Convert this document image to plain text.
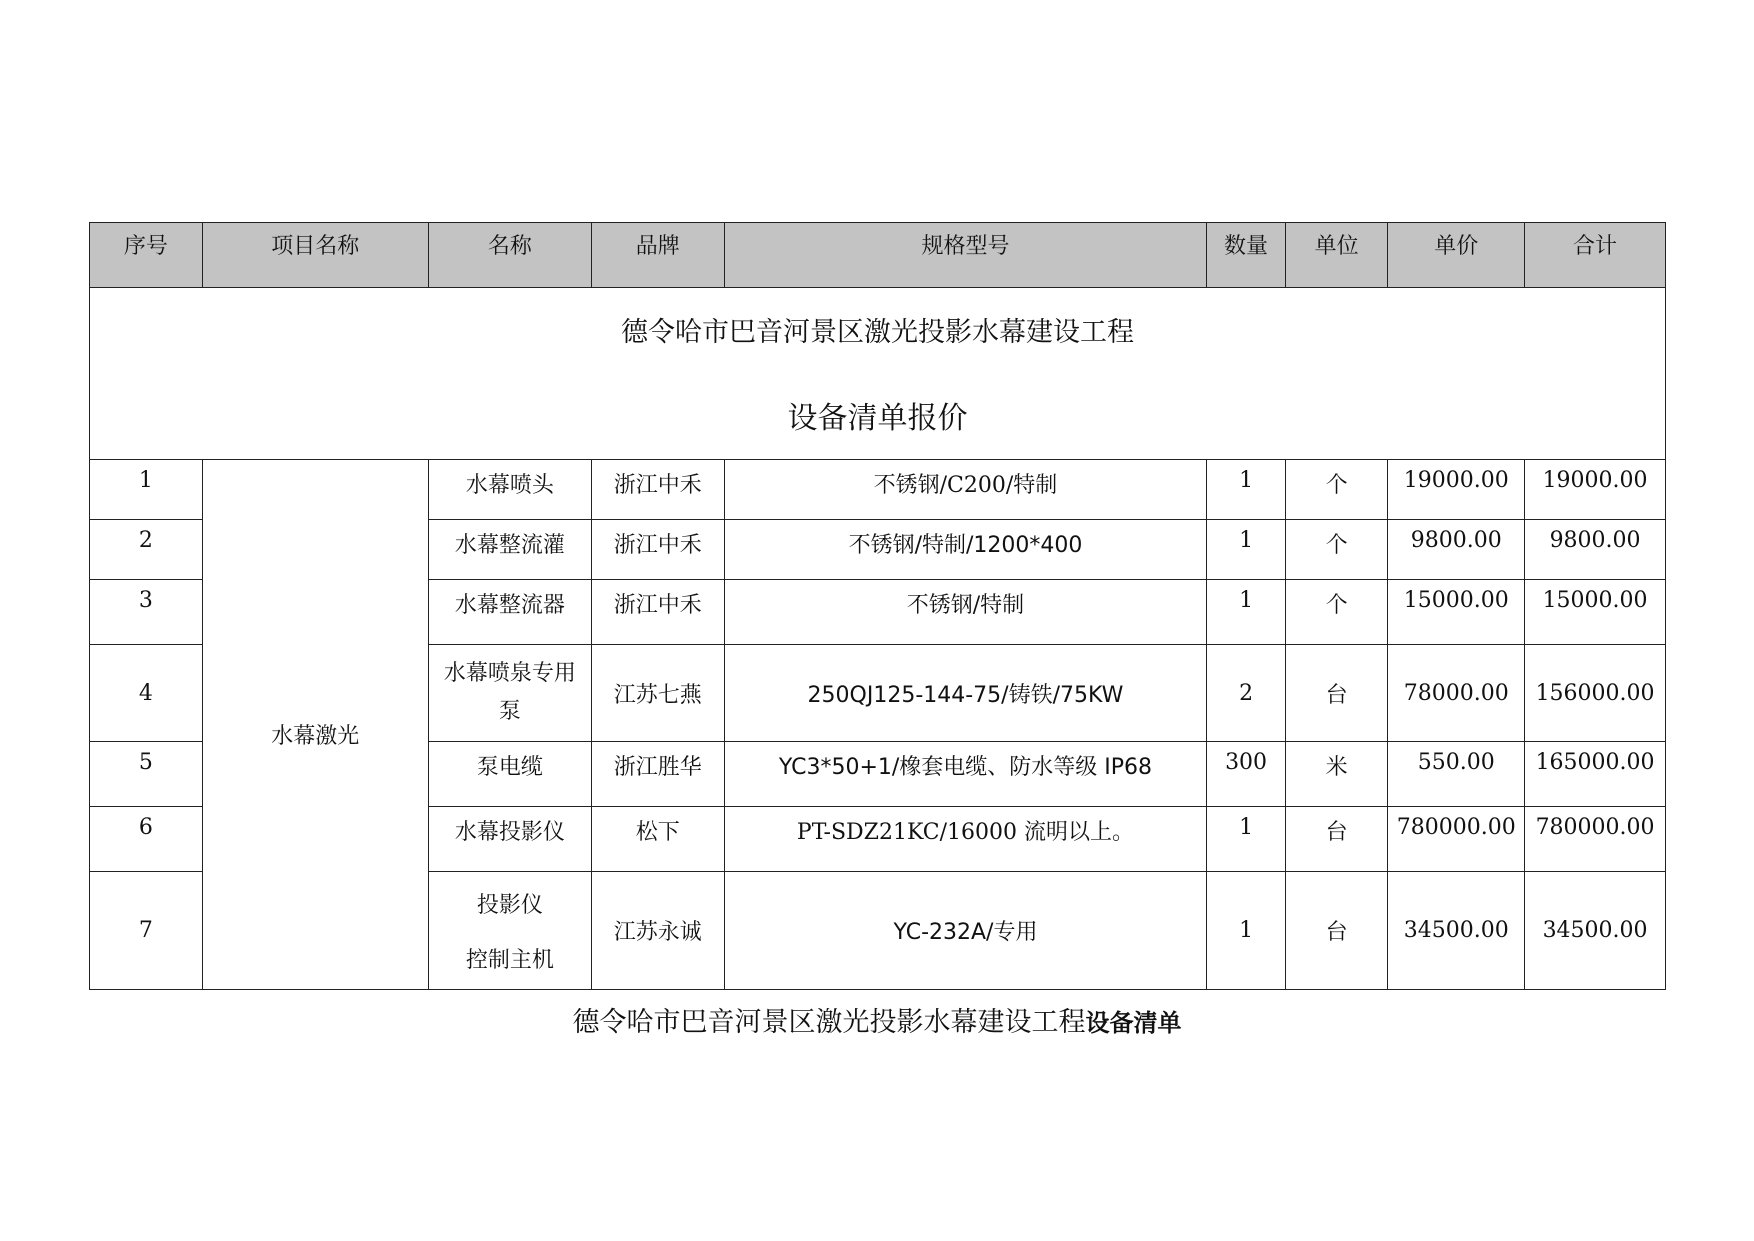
德令哈市巴音河景区激光投影水幕建设工程
设备清单报价								

序号	项目名称	名称	品牌	规格型号	数量	单位	单价	合计
1	水幕激光	水幕喷头	浙江中禾	不锈钢/C200/特制	1	个	19000.00	19000.00
2		水幕整流灌	浙江中禾	不锈钢/特制/1200*400	1	个	9800.00	9800.00
3		水幕整流器	浙江中禾	不锈钢/特制	1	个	15000.00	15000.00
4		水幕喷泉专用
泵	江苏七燕	250QJ125-144-75/铸铁/75KW	2	台	78000.00	156000.00
5		泵电缆	浙江胜华	YC3*50+1/橡套电缆、防水等级 IP68	300	米	550.00	165000.00
6		水幕投影仪	松下	PT-SDZ21KC/16000 流明以上。	1	台	780000.00	780000.00
7		投影仪
控制主机	江苏永诚	YC-232A/专用	1	台	34500.00	34500.00
德令哈市巴音河景区激光投影水幕建设工程设备清单
